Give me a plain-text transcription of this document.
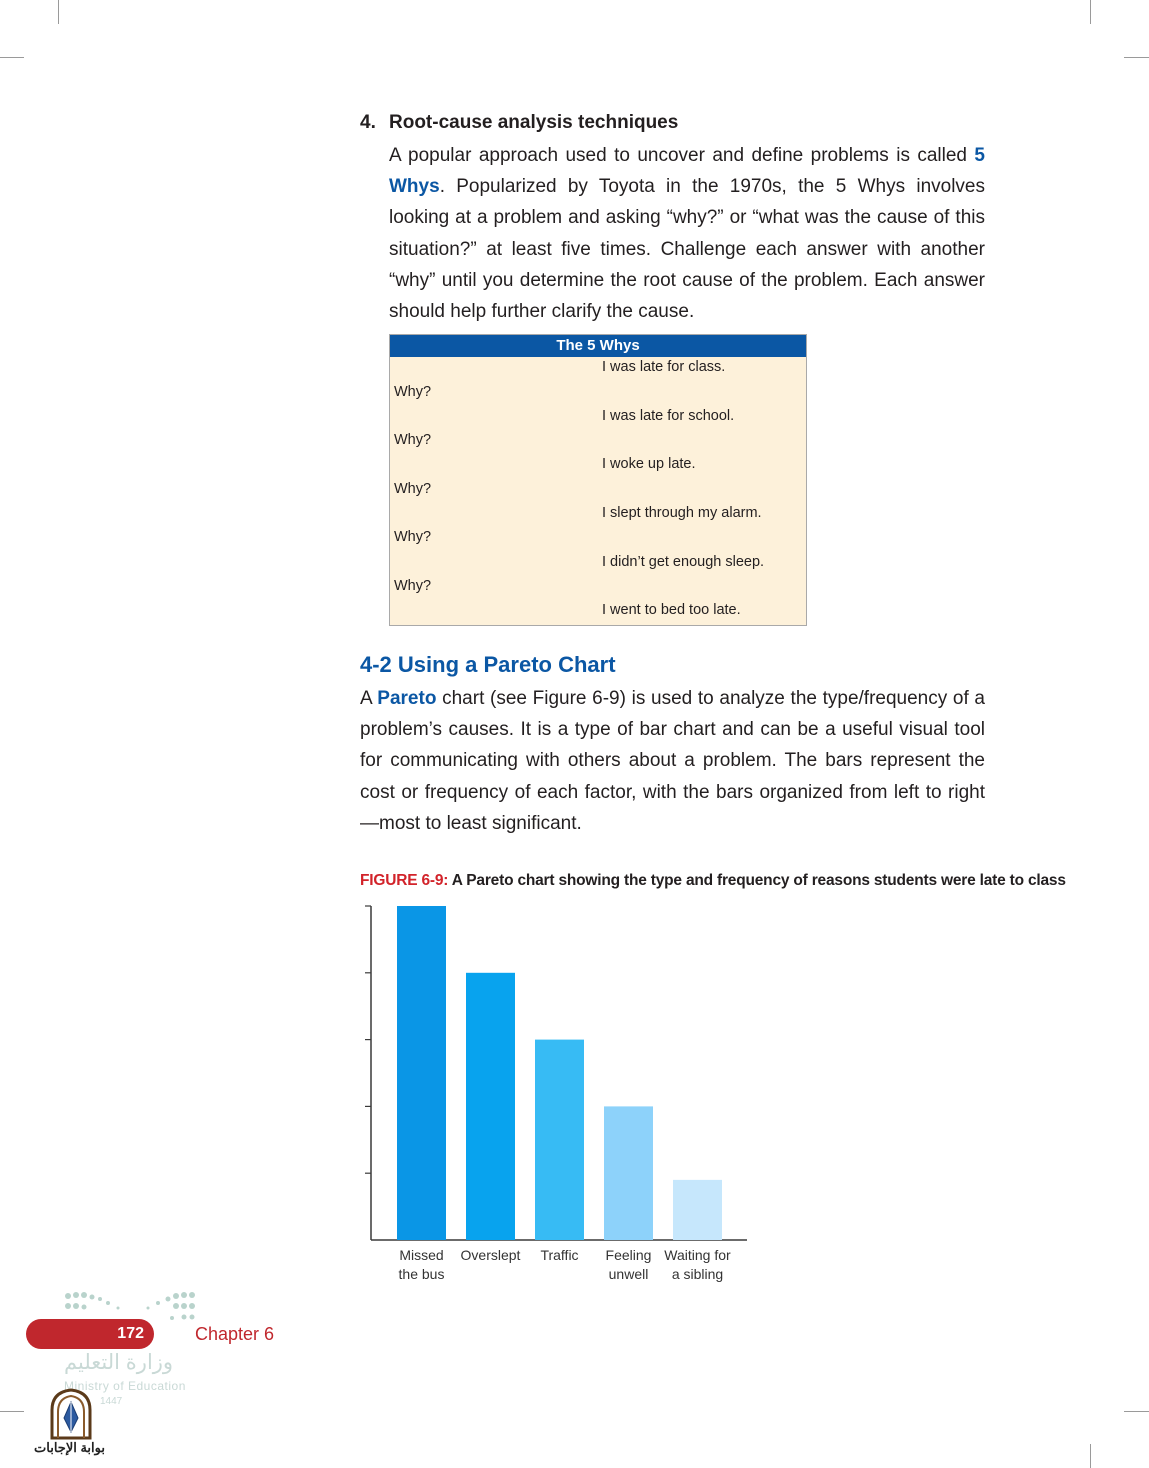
4. Root-cause analysis techniques
A popular approach used to uncover and define problems is called 5 Whys. Popularized by Toyota in the 1970s, the 5 Whys involves looking at a problem and asking “why?” or “what was the cause of this situation?” at least five times. Challenge each answer with another “why” until you determine the root cause of the problem. Each answer should help further clarify the cause.
The 5 Whys
I was late for class.
Why?
I was late for school.
Why?
I woke up late.
Why?
I slept through my alarm.
Why?
I didn’t get enough sleep.
Why?
I went to bed too late.
4-2 Using a Pareto Chart
A Pareto chart (see Figure 6-9) is used to analyze the type/frequency of a problem’s causes. It is a type of bar chart and can be a useful visual tool for communicating with others about a problem. The bars represent the cost or frequency of each factor, with the bars organized from left to right—most to least significant.
FIGURE 6-9: A Pareto chart showing the type and frequency of reasons students were late to class
Missed
the bus
Overslept Traffic Feeling
unwell
Waiting for
a sibling
172	Chapter 6
وزارة التعليم
Ministry of Education
1447
بوابة الإجابات
